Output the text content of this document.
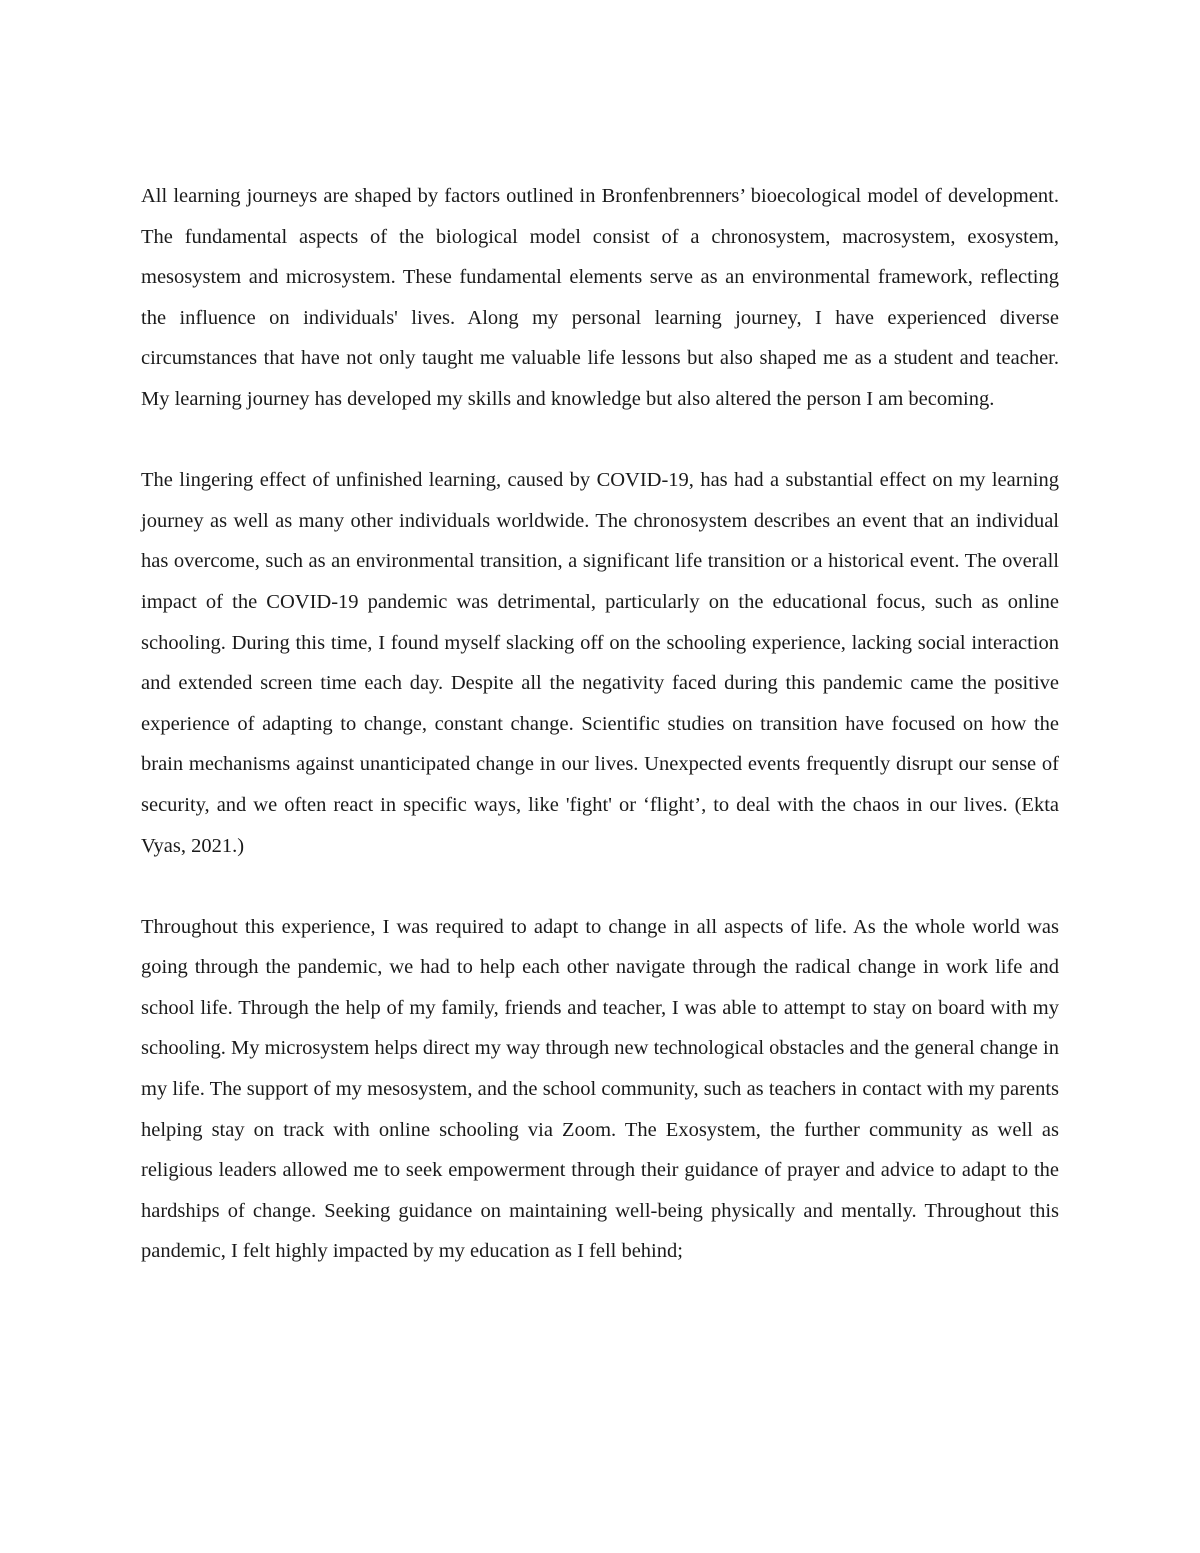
All learning journeys are shaped by factors outlined in Bronfenbrenners’ bioecological model of development. The fundamental aspects of the biological model consist of a chronosystem, macrosystem, exosystem, mesosystem and microsystem. These fundamental elements serve as an environmental framework, reflecting the influence on individuals' lives. Along my personal learning journey, I have experienced diverse circumstances that have not only taught me valuable life lessons but also shaped me as a student and teacher. My learning journey has developed my skills and knowledge but also altered the person I am becoming.

The lingering effect of unfinished learning, caused by COVID-19, has had a substantial effect on my learning journey as well as many other individuals worldwide. The chronosystem describes an event that an individual has overcome, such as an environmental transition, a significant life transition or a historical event. The overall impact of the COVID-19 pandemic was detrimental, particularly on the educational focus, such as online schooling. During this time, I found myself slacking off on the schooling experience, lacking social interaction and extended screen time each day. Despite all the negativity faced during this pandemic came the positive experience of adapting to change, constant change. Scientific studies on transition have focused on how the brain mechanisms against unanticipated change in our lives. Unexpected events frequently disrupt our sense of security, and we often react in specific ways, like 'fight' or ‘flight’, to deal with the chaos in our lives. (Ekta Vyas, 2021.)

Throughout this experience, I was required to adapt to change in all aspects of life. As the whole world was going through the pandemic, we had to help each other navigate through the radical change in work life and school life. Through the help of my family, friends and teacher, I was able to attempt to stay on board with my schooling. My microsystem helps direct my way through new technological obstacles and the general change in my life. The support of my mesosystem, and the school community, such as teachers in contact with my parents helping stay on track with online schooling via Zoom. The Exosystem, the further community as well as religious leaders allowed me to seek empowerment through their guidance of prayer and advice to adapt to the hardships of change. Seeking guidance on maintaining well-being physically and mentally. Throughout this pandemic, I felt highly impacted by my education as I fell behind;
